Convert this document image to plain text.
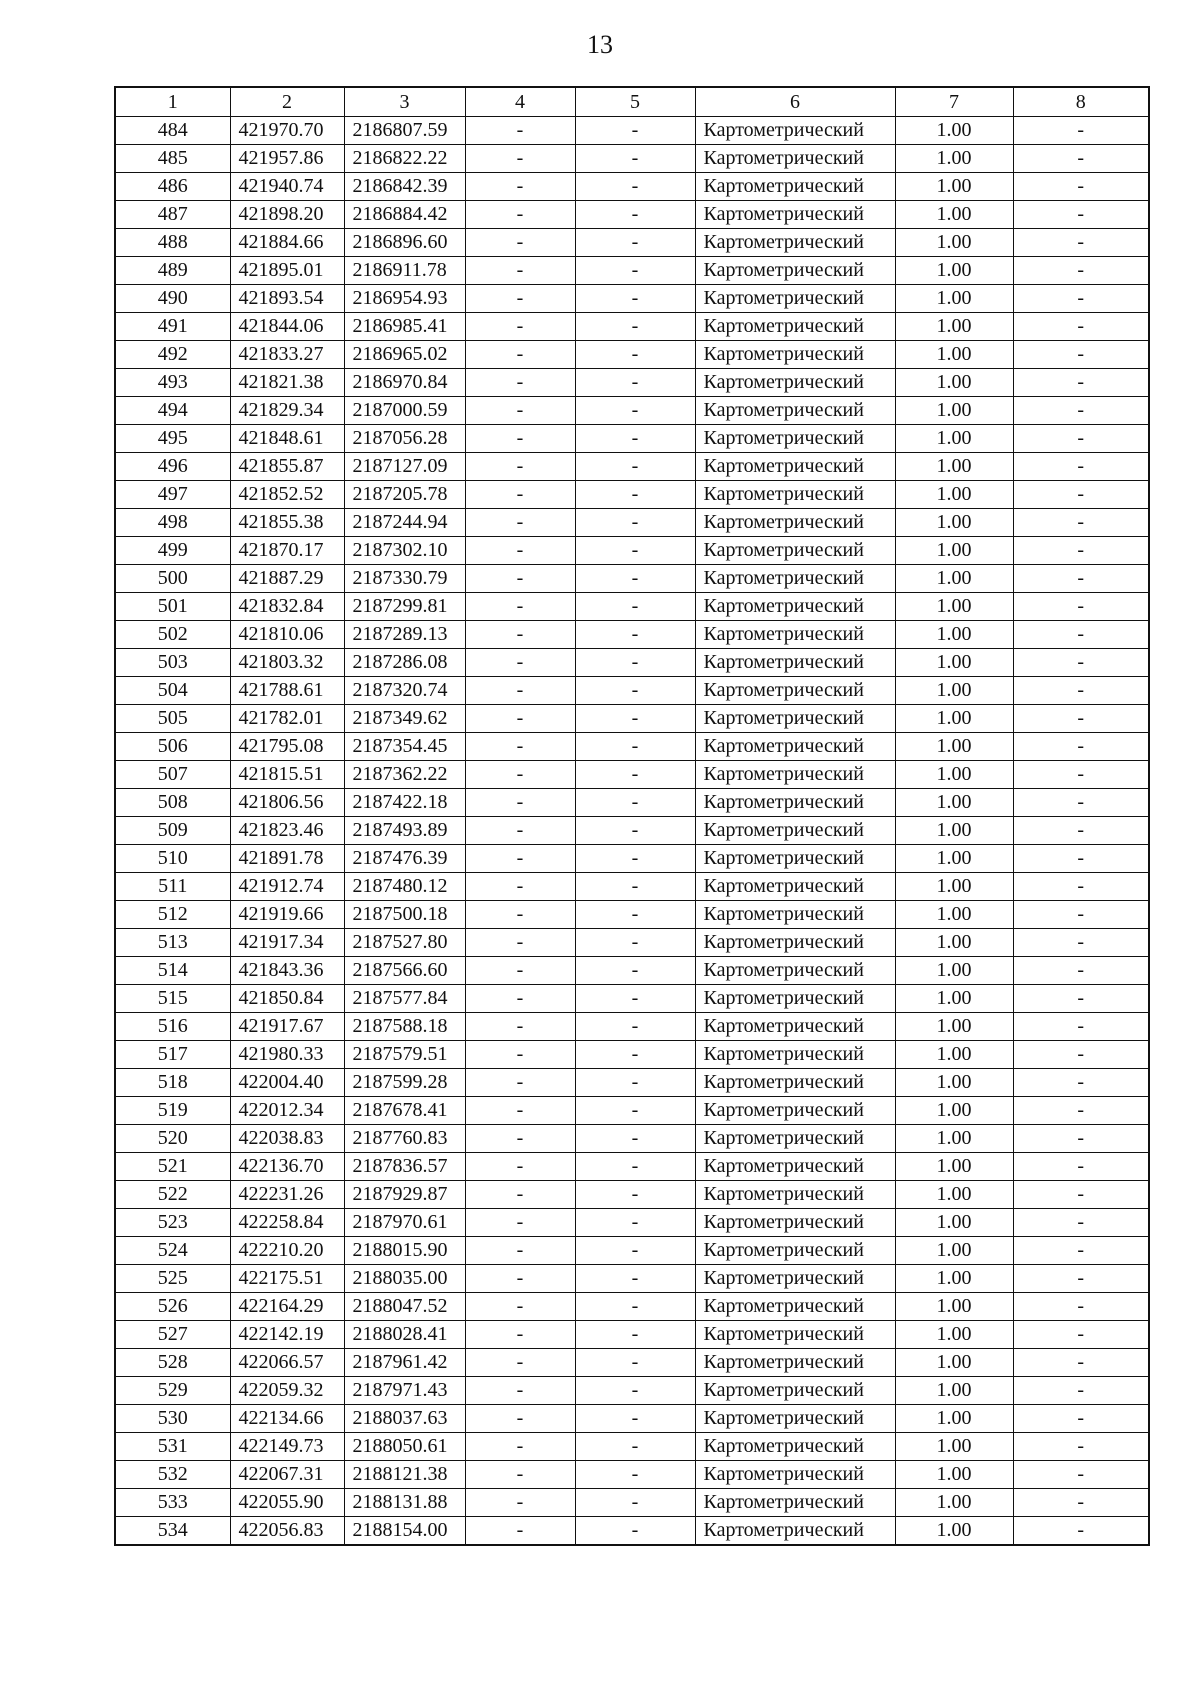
13
1	2	3	4	5	6	7	8
484	421970.70	2186807.59	-	-	Картометрический	1.00	-
485	421957.86	2186822.22	-	-	Картометрический	1.00	-
486	421940.74	2186842.39	-	-	Картометрический	1.00	-
487	421898.20	2186884.42	-	-	Картометрический	1.00	-
488	421884.66	2186896.60	-	-	Картометрический	1.00	-
489	421895.01	2186911.78	-	-	Картометрический	1.00	-
490	421893.54	2186954.93	-	-	Картометрический	1.00	-
491	421844.06	2186985.41	-	-	Картометрический	1.00	-
492	421833.27	2186965.02	-	-	Картометрический	1.00	-
493	421821.38	2186970.84	-	-	Картометрический	1.00	-
494	421829.34	2187000.59	-	-	Картометрический	1.00	-
495	421848.61	2187056.28	-	-	Картометрический	1.00	-
496	421855.87	2187127.09	-	-	Картометрический	1.00	-
497	421852.52	2187205.78	-	-	Картометрический	1.00	-
498	421855.38	2187244.94	-	-	Картометрический	1.00	-
499	421870.17	2187302.10	-	-	Картометрический	1.00	-
500	421887.29	2187330.79	-	-	Картометрический	1.00	-
501	421832.84	2187299.81	-	-	Картометрический	1.00	-
502	421810.06	2187289.13	-	-	Картометрический	1.00	-
503	421803.32	2187286.08	-	-	Картометрический	1.00	-
504	421788.61	2187320.74	-	-	Картометрический	1.00	-
505	421782.01	2187349.62	-	-	Картометрический	1.00	-
506	421795.08	2187354.45	-	-	Картометрический	1.00	-
507	421815.51	2187362.22	-	-	Картометрический	1.00	-
508	421806.56	2187422.18	-	-	Картометрический	1.00	-
509	421823.46	2187493.89	-	-	Картометрический	1.00	-
510	421891.78	2187476.39	-	-	Картометрический	1.00	-
511	421912.74	2187480.12	-	-	Картометрический	1.00	-
512	421919.66	2187500.18	-	-	Картометрический	1.00	-
513	421917.34	2187527.80	-	-	Картометрический	1.00	-
514	421843.36	2187566.60	-	-	Картометрический	1.00	-
515	421850.84	2187577.84	-	-	Картометрический	1.00	-
516	421917.67	2187588.18	-	-	Картометрический	1.00	-
517	421980.33	2187579.51	-	-	Картометрический	1.00	-
518	422004.40	2187599.28	-	-	Картометрический	1.00	-
519	422012.34	2187678.41	-	-	Картометрический	1.00	-
520	422038.83	2187760.83	-	-	Картометрический	1.00	-
521	422136.70	2187836.57	-	-	Картометрический	1.00	-
522	422231.26	2187929.87	-	-	Картометрический	1.00	-
523	422258.84	2187970.61	-	-	Картометрический	1.00	-
524	422210.20	2188015.90	-	-	Картометрический	1.00	-
525	422175.51	2188035.00	-	-	Картометрический	1.00	-
526	422164.29	2188047.52	-	-	Картометрический	1.00	-
527	422142.19	2188028.41	-	-	Картометрический	1.00	-
528	422066.57	2187961.42	-	-	Картометрический	1.00	-
529	422059.32	2187971.43	-	-	Картометрический	1.00	-
530	422134.66	2188037.63	-	-	Картометрический	1.00	-
531	422149.73	2188050.61	-	-	Картометрический	1.00	-
532	422067.31	2188121.38	-	-	Картометрический	1.00	-
533	422055.90	2188131.88	-	-	Картометрический	1.00	-
534	422056.83	2188154.00	-	-	Картометрический	1.00	-
